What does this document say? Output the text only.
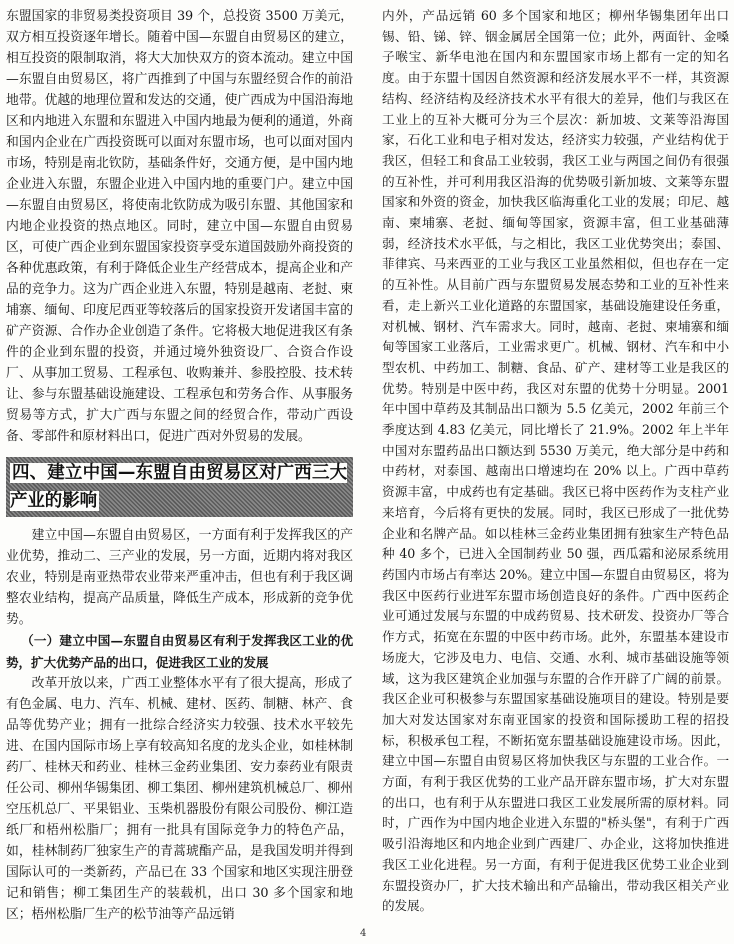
东盟国家的非贸易类投资项目 39 个，总投资 3500 万美元，双方相互投资逐年增长。随着中国—东盟自由贸易区的建立，相互投资的限制取消，将大大加快双方的资本流动。建立中国—东盟自由贸易区，将广西推到了中国与东盟经贸合作的前沿地带。优越的地理位置和发达的交通，使广西成为中国沿海地区和内地进入东盟和东盟进入中国内地最为便利的通道，外商和国内企业在广西投资既可以面对东盟市场，也可以面对国内市场，特别是南北钦防，基础条件好，交通方便，是中国内地企业进入东盟，东盟企业进入中国内地的重要门户。建立中国—东盟自由贸易区，将使南北钦防成为吸引东盟、其他国家和内地企业投资的热点地区。同时，建立中国—东盟自由贸易区，可使广西企业到东盟国家投资享受东道国鼓励外商投资的各种优惠政策，有利于降低企业生产经营成本，提高企业和产品的竞争力。这为广西企业进入东盟，特别是越南、老挝、柬埔寨、缅甸、印度尼西亚等较落后的国家投资开发诸国丰富的矿产资源、合作办企业创造了条件。它将极大地促进我区有条件的企业到东盟的投资，并通过境外独资设厂、合资合作设厂、从事加工贸易、工程承包、收购兼并、参股控股、技术转让、参与东盟基础设施建设、工程承包和劳务合作、从事服务贸易等方式，扩大广西与东盟之间的经贸合作，带动广西设备、零部件和原材料出口，促进广西对外贸易的发展。

四、建立中国—东盟自由贸易区对广西三大产业的影响

建立中国—东盟自由贸易区，一方面有利于发挥我区的产业优势，推动二、三产业的发展，另一方面，近期内将对我区农业，特别是南亚热带农业带来严重冲击，但也有利于我区调整农业结构，提高产品质量，降低生产成本，形成新的竞争优势。

（一）建立中国—东盟自由贸易区有利于发挥我区工业的优势，扩大优势产品的出口，促进我区工业的发展

改革开放以来，广西工业整体水平有了很大提高，形成了有色金属、电力、汽车、机械、建材、医药、制糖、林产、食品等优势产业；拥有一批综合经济实力较强、技术水平较先进、在国内国际市场上享有较高知名度的龙头企业，如桂林制药厂、桂林天和药业、桂林三金药业集团、安力泰药业有限责任公司、柳州华锡集团、柳工集团、柳州建筑机械总厂、柳州空压机总厂、平果铝业、玉柴机器股份有限公司股份、柳江造纸厂和梧州松脂厂；拥有一批具有国际竞争力的特色产品，如，桂林制药厂独家生产的青蒿琥酯产品，是我国发明并得到国际认可的一类新药，产品已在 33 个国家和地区实现注册登记和销售；柳工集团生产的装载机，出口 30 多个国家和地区；梧州松脂厂生产的松节油等产品远销

内外，产品远销 60 多个国家和地区；柳州华锡集团年出口锡、铅、锑、锌、铟金属居全国第一位；此外，两面针、金嗓子喉宝、新华电池在国内和东盟国家市场上都有一定的知名度。由于东盟十国因自然资源和经济发展水平不一样，其资源结构、经济结构及经济技术水平有很大的差异，他们与我区在工业上的互补大概可分为三个层次：新加坡、文莱等沿海国家，石化工业和电子相对发达，经济实力较强，产业结构优于我区，但轻工和食品工业较弱，我区工业与两国之间仍有很强的互补性，并可利用我区沿海的优势吸引新加坡、文莱等东盟国家和外资的资金，加快我区临海重化工业的发展；印尼、越南、柬埔寨、老挝、缅甸等国家，资源丰富，但工业基础薄弱，经济技术水平低，与之相比，我区工业优势突出；泰国、菲律宾、马来西亚的工业与我区工业虽然相似，但也存在一定的互补性。从目前广西与东盟贸易发展态势和工业的互补性来看，走上新兴工业化道路的东盟国家，基础设施建设任务重，对机械、钢材、汽车需求大。同时，越南、老挝、柬埔寨和缅甸等国家工业落后，工业需求更广。机械、钢材、汽车和中小型农机、中药加工、制糖、食品、矿产、建材等工业是我区的优势。特别是中医中药，我区对东盟的优势十分明显。2001 年中国中草药及其制品出口额为 5.5 亿美元，2002 年前三个季度达到 4.83 亿美元，同比增长了 21.9%。2002 年上半年中国对东盟药品出口额达到 5530 万美元，绝大部分是中药和中药材，对泰国、越南出口增速均在 20% 以上。广西中草药资源丰富，中成药也有定基础。我区已将中医药作为支柱产业来培育，今后将有更快的发展。同时，我区已形成了一批优势企业和名牌产品。如以桂林三金药业集团拥有独家生产特色品种 40 多个，已进入全国制药业 50 强，西瓜霜和泌尿系统用药国内市场占有率达 20%。建立中国—东盟自由贸易区，将为我区中医药行业进军东盟市场创造良好的条件。广西中医药企业可通过发展与东盟的中成药贸易、技术研发、投资办厂等合作方式，拓宽在东盟的中医中药市场。此外，东盟基本建设市场庞大，它涉及电力、电信、交通、水利、城市基础设施等领域，这为我区建筑企业加强与东盟的合作开辟了广阔的前景。我区企业可积极参与东盟国家基础设施项目的建设。特别是要加大对发达国家对东南亚国家的投资和国际援助工程的招投标，积极承包工程，不断拓宽东盟基础设施建设市场。因此，建立中国—东盟自由贸易区将加快我区与东盟的工业合作。一方面，有利于我区优势的工业产品开辟东盟市场，扩大对东盟的出口，也有利于从东盟进口我区工业发展所需的原材料。同时，广西作为中国内地企业进入东盟的"桥头堡"，有利于广西吸引沿海地区和内地企业到广西建厂、办企业，这将加快推进我区工业化进程。另一方面，有利于促进我区优势工业企业到东盟投资办厂，扩大技术输出和产品输出，带动我区相关产业的发展。

4
